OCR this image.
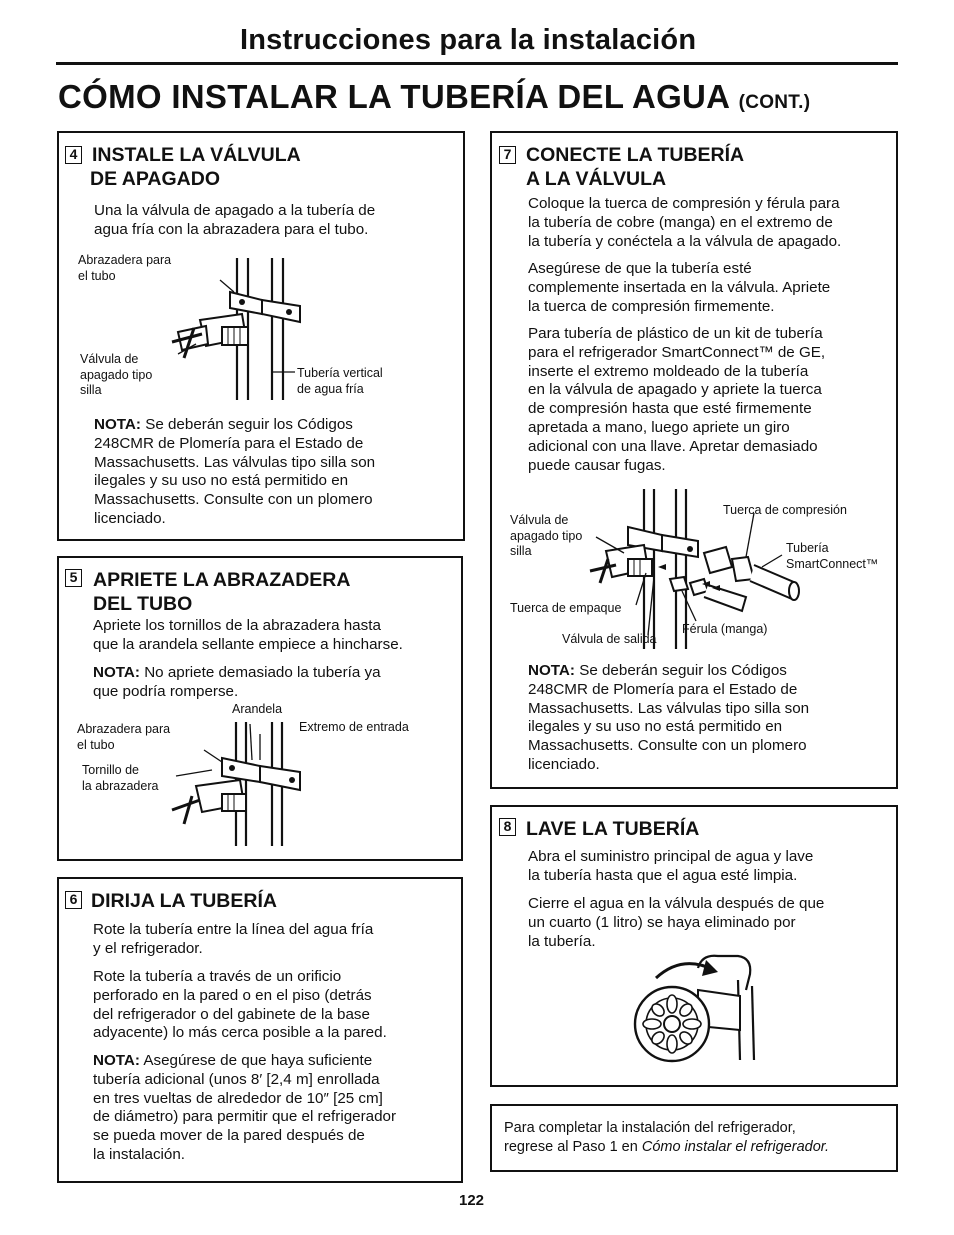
Instrucciones para la instalación
CÓMO INSTALAR LA TUBERÍA DEL AGUA (CONT.)
4 INSTALE LA VÁLVULA
DE APAGADO
Una la válvula de apagado a la tubería de
agua fría con la abrazadera para el tubo.
Abrazadera para
el tubo
Válvula de
apagado tipo
silla
Tubería vertical
de agua fría
NOTA: Se deberán seguir los Códigos
248CMR de Plomería para el Estado de
Massachusetts. Las válvulas tipo silla son
ilegales y su uso no está permitido en
Massachusetts. Consulte con un plomero
licenciado.
5 APRIETE LA ABRAZADERA
DEL TUBO
Apriete los tornillos de la abrazadera hasta
que la arandela sellante empiece a hincharse.
NOTA: No apriete demasiado la tubería ya
que podría romperse.
Arandela
Extremo de entrada
Abrazadera para
el tubo
Tornillo de
la abrazadera
6 DIRIJA LA TUBERÍA
Rote la tubería entre la línea del agua fría
y el refrigerador.
Rote la tubería a través de un orificio
perforado en la pared o en el piso (detrás
del refrigerador o del gabinete de la base
adyacente) lo más cerca posible a la pared.
NOTA: Asegúrese de que haya suficiente
tubería adicional (unos 8′ [2,4 m] enrollada
en tres vueltas de alrededor de 10″ [25 cm]
de diámetro) para permitir que el refrigerador
se pueda mover de la pared después de
la instalación.
7 CONECTE LA TUBERÍA
A LA VÁLVULA
Coloque la tuerca de compresión y férula para
la tubería de cobre (manga) en el extremo de
la tubería y conéctela a la válvula de apagado.
Asegúrese de que la tubería esté
complemente insertada en la válvula. Apriete
la tuerca de compresión firmemente.
Para tubería de plástico de un kit de tubería
para el refrigerador SmartConnect™ de GE,
inserte el extremo moldeado de la tubería
en la válvula de apagado y apriete la tuerca
de compresión hasta que esté firmemente
apretada a mano, luego apriete un giro
adicional con una llave. Apretar demasiado
puede causar fugas.
Válvula de
apagado tipo
silla
Tuerca de compresión
Tubería
SmartConnect™
Tuerca de empaque
Férula (manga)
Válvula de salida
NOTA: Se deberán seguir los Códigos
248CMR de Plomería para el Estado de
Massachusetts. Las válvulas tipo silla son
ilegales y su uso no está permitido en
Massachusetts. Consulte con un plomero
licenciado.
8 LAVE LA TUBERÍA
Abra el suministro principal de agua y lave
la tubería hasta que el agua esté limpia.
Cierre el agua en la válvula después de que
un cuarto (1 litro) se haya eliminado por
la tubería.
Para completar la instalación del refrigerador,
regrese al Paso 1 en Cómo instalar el refrigerador.
122
